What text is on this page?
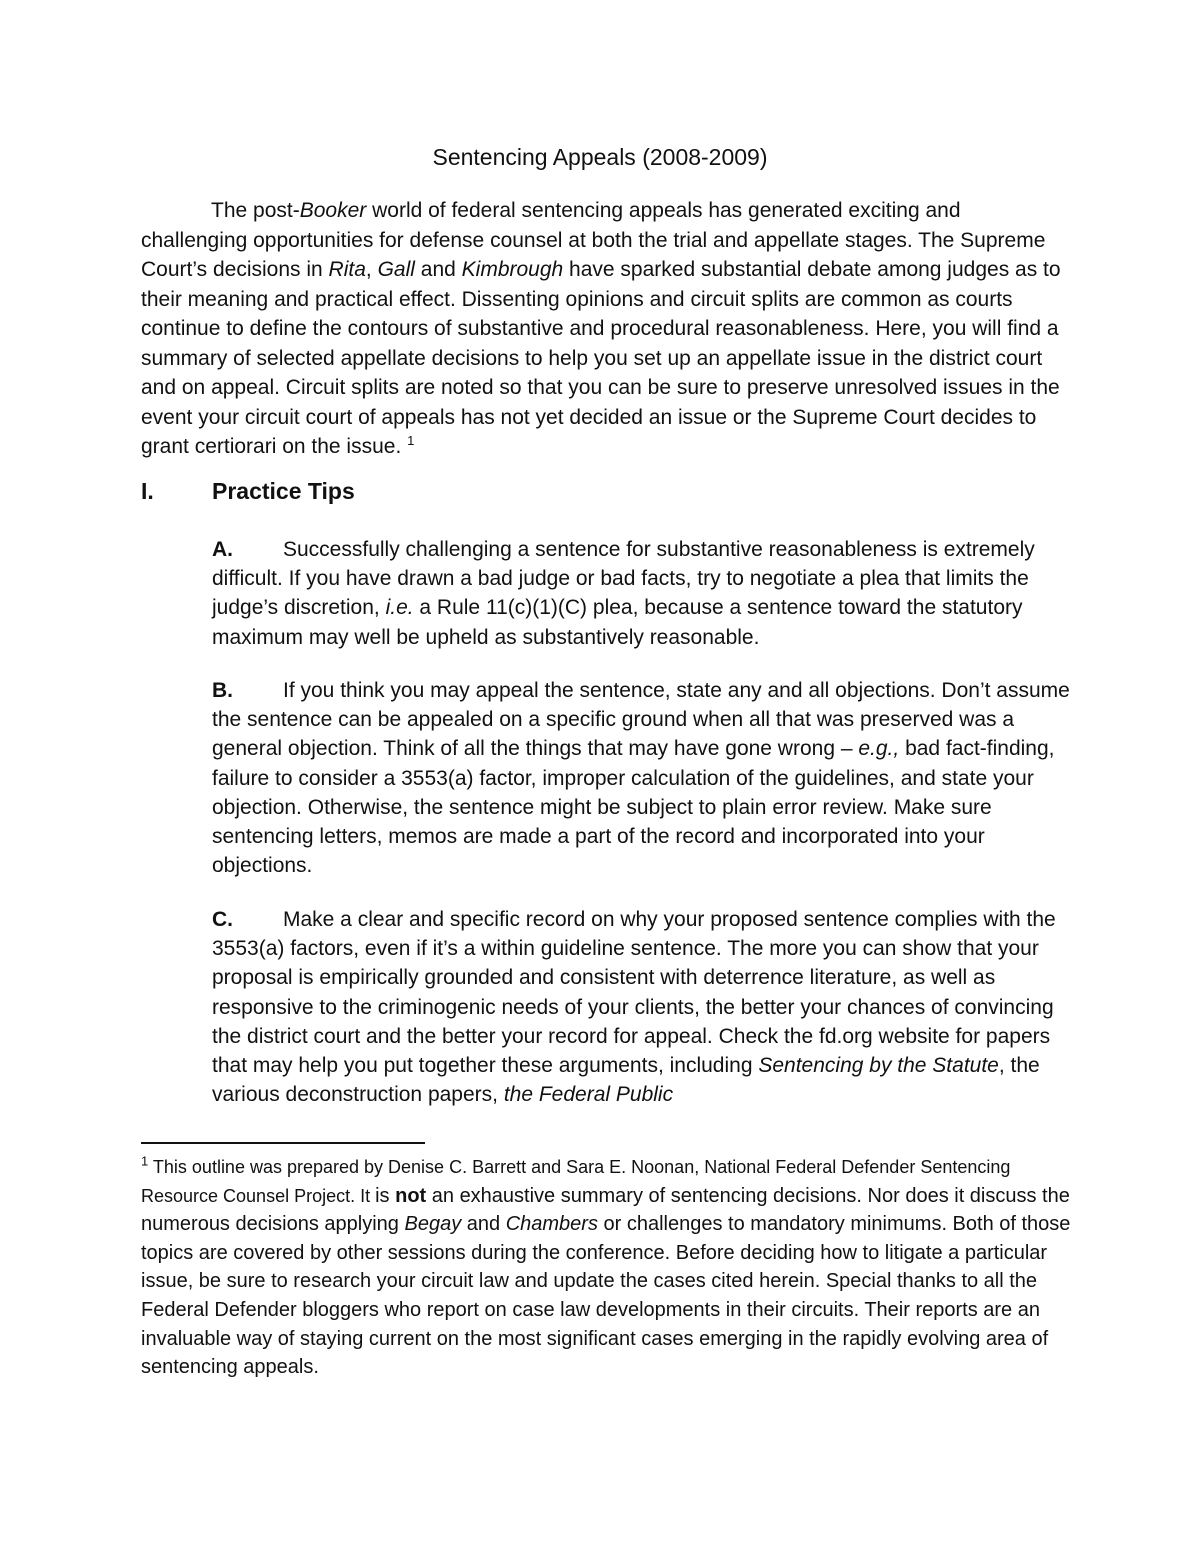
Sentencing Appeals (2008-2009)

The post-Booker world of federal sentencing appeals has generated exciting and challenging opportunities for defense counsel at both the trial and appellate stages. The Supreme Court’s decisions in Rita, Gall and Kimbrough have sparked substantial debate among judges as to their meaning and practical effect. Dissenting opinions and circuit splits are common as courts continue to define the contours of substantive and procedural reasonableness. Here, you will find a summary of selected appellate decisions to help you set up an appellate issue in the district court and on appeal. Circuit splits are noted so that you can be sure to preserve unresolved issues in the event your circuit court of appeals has not yet decided an issue or the Supreme Court decides to grant certiorari on the issue. $^1$

I.	Practice Tips

A. Successfully challenging a sentence for substantive reasonableness is extremely difficult. If you have drawn a bad judge or bad facts, try to negotiate a plea that limits the judge’s discretion, i.e. a Rule 11(c)(1)(C) plea, because a sentence toward the statutory maximum may well be upheld as substantively reasonable.

B. If you think you may appeal the sentence, state any and all objections. Don’t assume the sentence can be appealed on a specific ground when all that was preserved was a general objection. Think of all the things that may have gone wrong – e.g., bad fact-finding, failure to consider a 3553(a) factor, improper calculation of the guidelines, and state your objection. Otherwise, the sentence might be subject to plain error review. Make sure sentencing letters, memos are made a part of the record and incorporated into your objections.

C. Make a clear and specific record on why your proposed sentence complies with the 3553(a) factors, even if it’s a within guideline sentence. The more you can show that your proposal is empirically grounded and consistent with deterrence literature, as well as responsive to the criminogenic needs of your clients, the better your chances of convincing the district court and the better your record for appeal. Check the fd.org website for papers that may help you put together these arguments, including Sentencing by the Statute, the various deconstruction papers, the Federal Public

$^1$ This outline was prepared by Denise C. Barrett and Sara E. Noonan, National Federal Defender Sentencing Resource Counsel Project. It is not an exhaustive summary of sentencing decisions. Nor does it discuss the numerous decisions applying Begay and Chambers or challenges to mandatory minimums. Both of those topics are covered by other sessions during the conference. Before deciding how to litigate a particular issue, be sure to research your circuit law and update the cases cited herein. Special thanks to all the Federal Defender bloggers who report on case law developments in their circuits. Their reports are an invaluable way of staying current on the most significant cases emerging in the rapidly evolving area of sentencing appeals.
